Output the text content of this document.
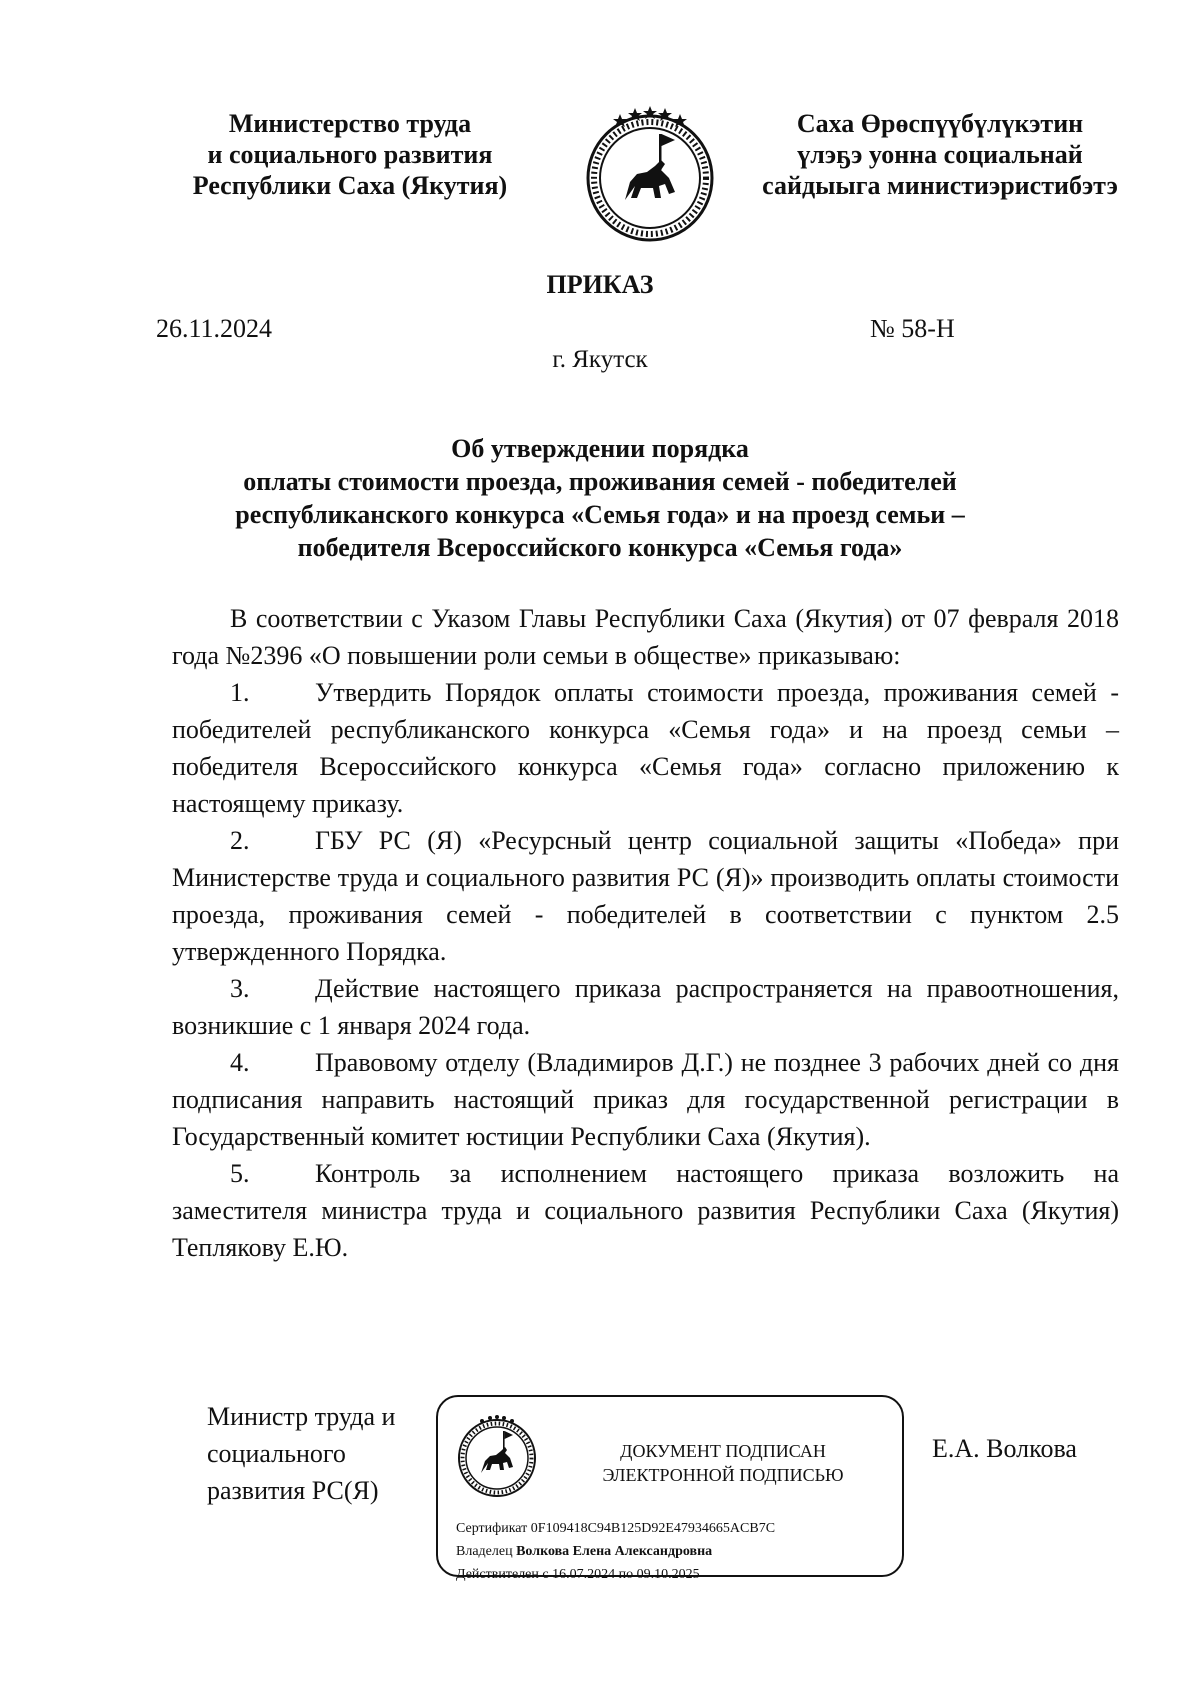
Министерство труда
и социального развития
Республики Саха (Якутия)
Саха Өрөспүүбүлүкэтин
үлэҕэ уонна социальнай
сайдыыга министиэристибэтэ
ПРИКАЗ
26.11.2024	№ 58-Н
г. Якутск
Об утверждении порядка
оплаты стоимости проезда, проживания семей - победителей
республиканского конкурса «Семья года» и на проезд семьи –
победителя Всероссийского конкурса «Семья года»

В соответствии с Указом Главы Республики Саха (Якутия) от 07 февраля 2018 года №2396 «О повышении роли семьи в обществе» приказываю:

1.	Утвердить Порядок оплаты стоимости проезда, проживания семей - победителей республиканского конкурса «Семья года» и на проезд семьи – победителя Всероссийского конкурса «Семья года» согласно приложению к настоящему приказу.

2.	ГБУ РС (Я) «Ресурсный центр социальной защиты «Победа» при Министерстве труда и социального развития РС (Я)» производить оплаты стоимости проезда, проживания семей - победителей в соответствии с пунктом 2.5 утвержденного Порядка.

3.	Действие настоящего приказа распространяется на правоотношения, возникшие с 1 января 2024 года.

4.	Правовому отделу (Владимиров Д.Г.) не позднее 3 рабочих дней со дня подписания направить настоящий приказ для государственной регистрации в Государственный комитет юстиции Республики Саха (Якутия).

5.	Контроль за исполнением настоящего приказа возложить на заместителя министра труда и социального развития Республики Саха (Якутия) Теплякову Е.Ю.

Министр труда и
социального
развития РС(Я)
ДОКУМЕНТ ПОДПИСАН
ЭЛЕКТРОННОЙ ПОДПИСЬЮ
Сертификат 0F109418C94B125D92E47934665ACB7C
Владелец Волкова Елена Александровна
Действителен с 16.07.2024 по 09.10.2025
Е.А. Волкова
